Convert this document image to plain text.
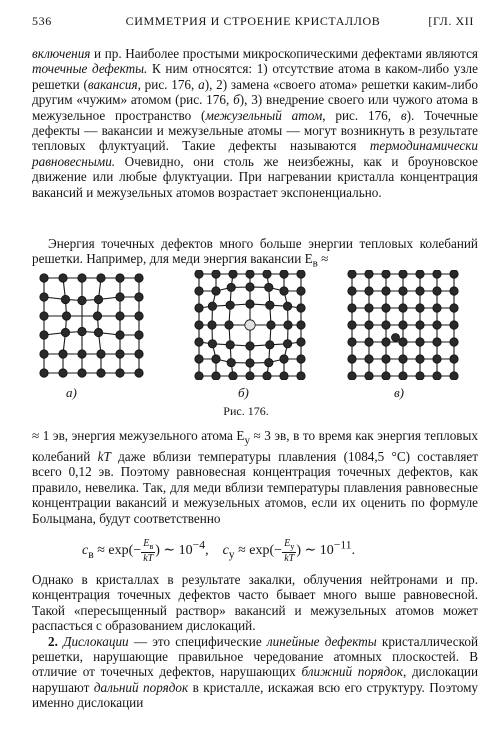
536	СИММЕТРИЯ И СТРОЕНИЕ КРИСТАЛЛОВ	[ГЛ. XII

включения и пр. Наиболее простыми микроскопическими дефектами являются точечные дефекты. К ним относятся: 1) отсутствие атома в каком-либо узле решетки (вакансия, рис. 176, а), 2) замена «своего атома» решетки каким-либо другим «чужим» атомом (рис. 176, б), 3) внедрение своего или чужого атома в межузельное пространство (межузельный атом, рис. 176, в). Точечные дефекты — вакансии и межузельные атомы — могут возникнуть в результате тепловых флуктуаций. Такие дефекты называются термодинамически равновесными. Очевидно, они столь же неизбежны, как и броуновское движение или любые флуктуации. При нагревании кристалла концентрация вакансий и межузельных атомов возрастает экспоненциально.

Энергия точечных дефектов много больше энергии тепловых колебаний решетки. Например, для меди энергия вакансии $E_в$ ≈

а)	б)	в)
Рис. 176.

≈ 1 эв, энергия межузельного атома $E_у \approx 3$ эв, в то время как энергия тепловых колебаний kT даже вблизи температуры плавления (1084,5 °C) составляет всего 0,12 эв. Поэтому равновесная концентрация точечных дефектов, как правило, невелика. Так, для меди вблизи температуры плавления равновесные концентрации вакансий и межузельных атомов, если их оценить по формуле Больцмана, будут соответственно

$c_в \approx \exp(- E_в$
kT
) ∼ $10^{-4}$, $c_у \approx \exp(- E_у$
kT
) ∼ $10^{-11}$.

Однако в кристаллах в результате закалки, облучения нейтронами и пр. концентрация точечных дефектов часто бывает много выше равновесной. Такой «пересыщенный раствор» вакансий и межузельных атомов может распасться с образованием дислокаций.

2. Дислокации — это специфические линейные дефекты кристаллической решетки, нарушающие правильное чередование атомных плоскостей. В отличие от точечных дефектов, нарушающих ближний порядок, дислокации нарушают дальний порядок в кристалле, искажая всю его структуру. Поэтому именно дислокации
